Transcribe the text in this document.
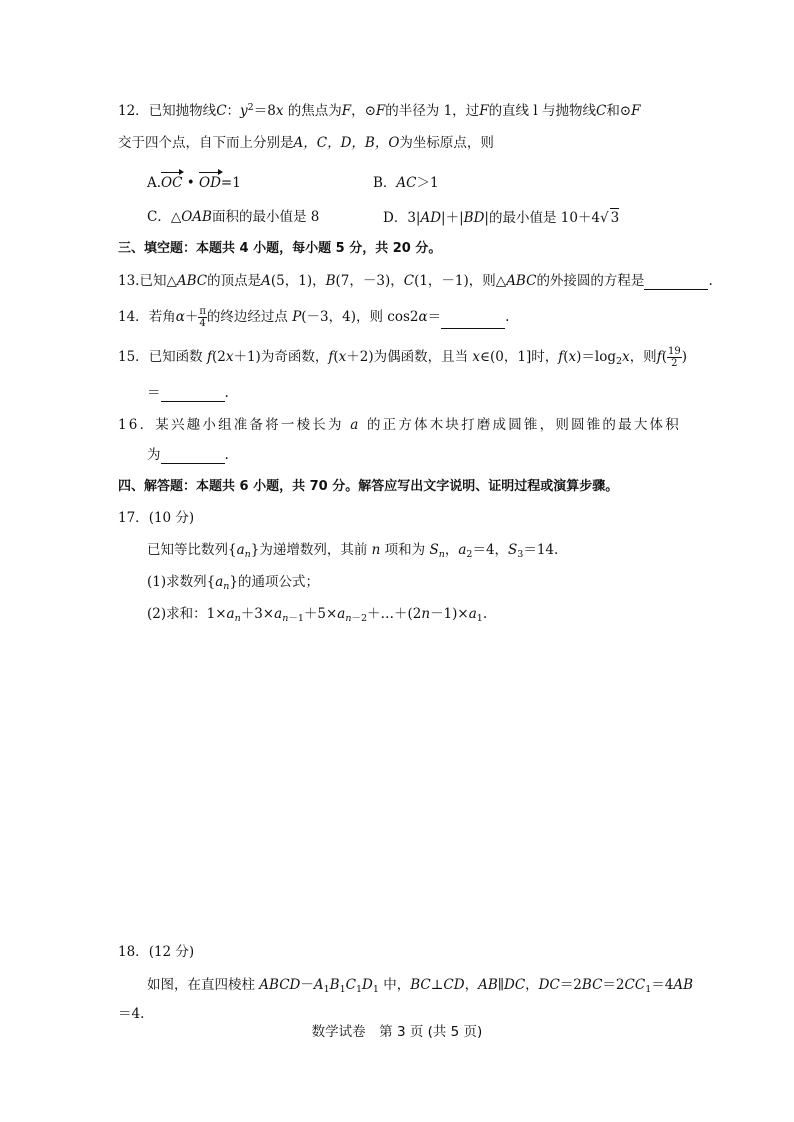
12．已知抛物线C：$y^2=8x$ 的焦点为F，⊙F的半径为 1，过F的直线 l 与抛物线C和⊙F
交于四个点，自下而上分别是A，C，D，B，O为坐标原点，则
A.OC • OD=1	B．AC＞1
C．△OAB面积的最小值是 8	D．3|AD|＋|BD|的最小值是 10＋4√ 3
三、填空题：本题共 4 小题，每小题 5 分，共 20 分。
13.已知△ABC的顶点是A(5，1)，B(7，－3)，C(1，－1)，则△ABC的外接圆的方程是	.
14．若角$\alpha+ \frac{\pi}{4}$ 的终边经过点 P(－3，4)，则 cos2α＝	.
15．已知函数 f(2x＋1)为奇函数，f(x＋2)为偶函数，且当 x∈(0，1]时，$f(x)=\log_2x$，则$f( \frac{19}{2}$ )
＝	.
16．某兴趣小组准备将一棱长为 a 的正方体木块打磨成圆锥，则圆锥的最大体积
为	.
四、解答题：本题共 6 小题，共 70 分。解答应写出文字说明、证明过程或演算步骤。
17．(10 分)
已知等比数列$\{a_n\}$为递增数列，其前 n 项和为 $S_n$，$a_2=4$，$S_3=14$.
(1)求数列$\{a_n\}$的通项公式；
(2)求和：$1\times a_n+3\times a_{n-1}+5\times a_{n-2}+\dots+(2n-1)\times a_1$.
18．(12 分)
如图，在直四棱柱 $ABCD-A_1B_1C_1D_1$ 中，BC⊥CD，AB∥DC，$DC=2BC=2CC_1=4AB$
＝4.
数学试卷　第 3 页 (共 5 页)
